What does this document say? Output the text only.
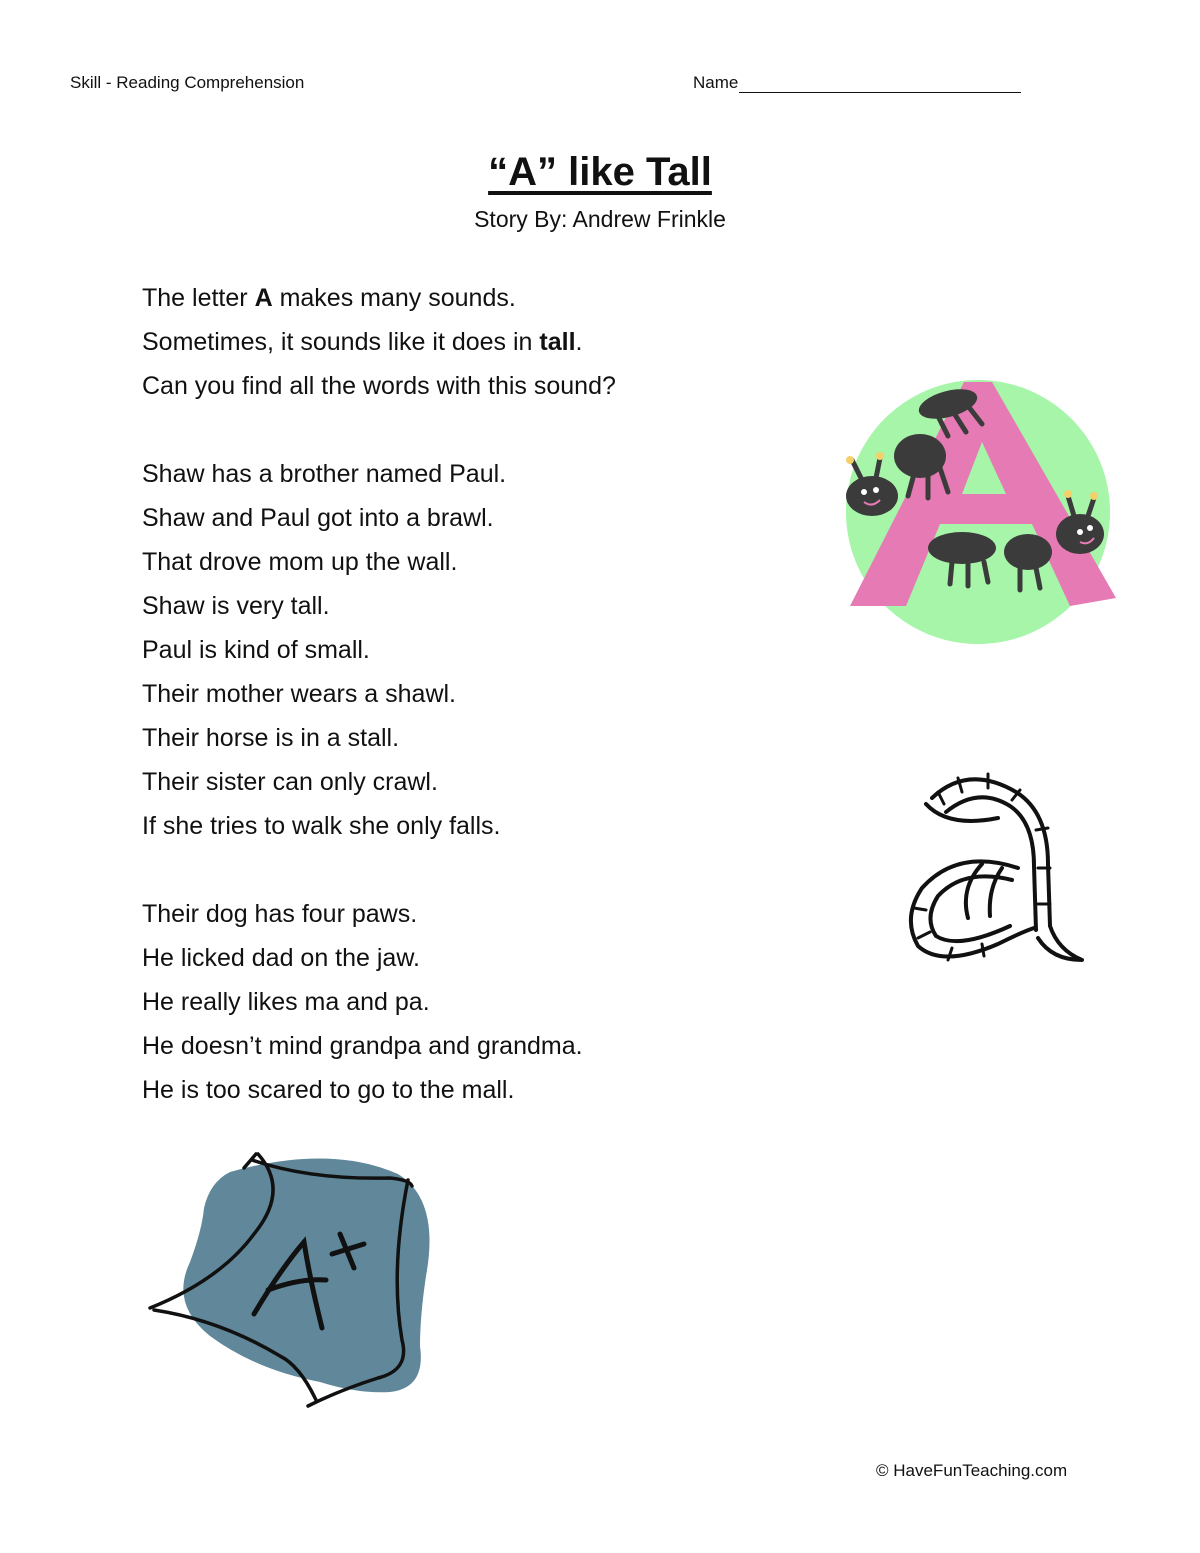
Skill - Reading Comprehension	Name
“A” like Tall
Story By: Andrew Frinkle
The letter A makes many sounds.
Sometimes, it sounds like it does in tall.
Can you find all the words with this sound?
Shaw has a brother named Paul.
Shaw and Paul got into a brawl.
That drove mom up the wall.
Shaw is very tall.
Paul is kind of small.
Their mother wears a shawl.
Their horse is in a stall.
Their sister can only crawl.
If she tries to walk she only falls.
Their dog has four paws.
He licked dad on the jaw.
He really likes ma and pa.
He doesn’t mind grandpa and grandma.
He is too scared to go to the mall.
© HaveFunTeaching.com
